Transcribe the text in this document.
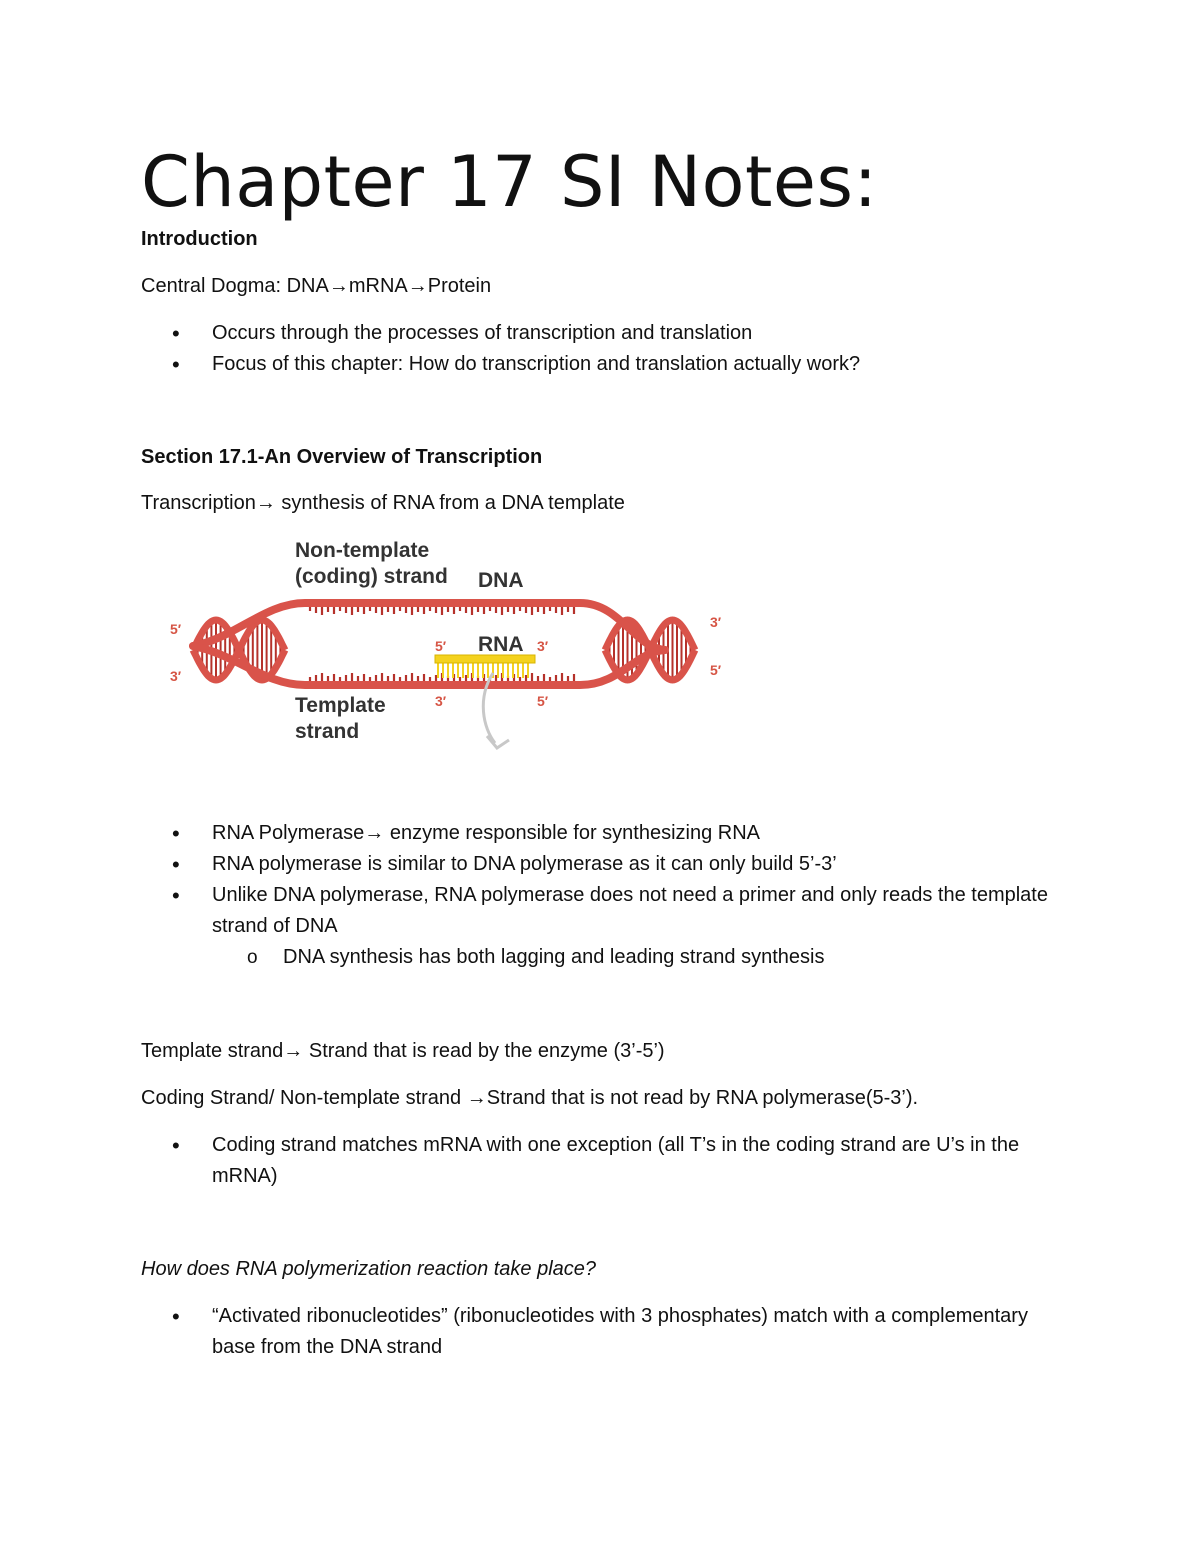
Chapter 17 SI Notes:

Introduction

Central Dogma: DNA→mRNA→Protein

• Occurs through the processes of transcription and translation
• Focus of this chapter: How do transcription and translation actually work?

Section 17.1-An Overview of Transcription

Transcription→ synthesis of RNA from a DNA template

Non-template
(coding) strand DNA
RNA
Template
strand
5′
3′
3′
5′
5′	3′
3′	5′
• RNA Polymerase→ enzyme responsible for synthesizing RNA
• RNA polymerase is similar to DNA polymerase as it can only build 5’-3’
• Unlike DNA polymerase, RNA polymerase does not need a primer and only reads the template strand of DNA
o DNA synthesis has both lagging and leading strand synthesis

Template strand→ Strand that is read by the enzyme (3’-5’)

Coding Strand/ Non-template strand →Strand that is not read by RNA polymerase(5-3’).

• Coding strand matches mRNA with one exception (all T’s in the coding strand are U’s in the mRNA)

How does RNA polymerization reaction take place?

• “Activated ribonucleotides” (ribonucleotides with 3 phosphates) match with a complementary base from the DNA strand
